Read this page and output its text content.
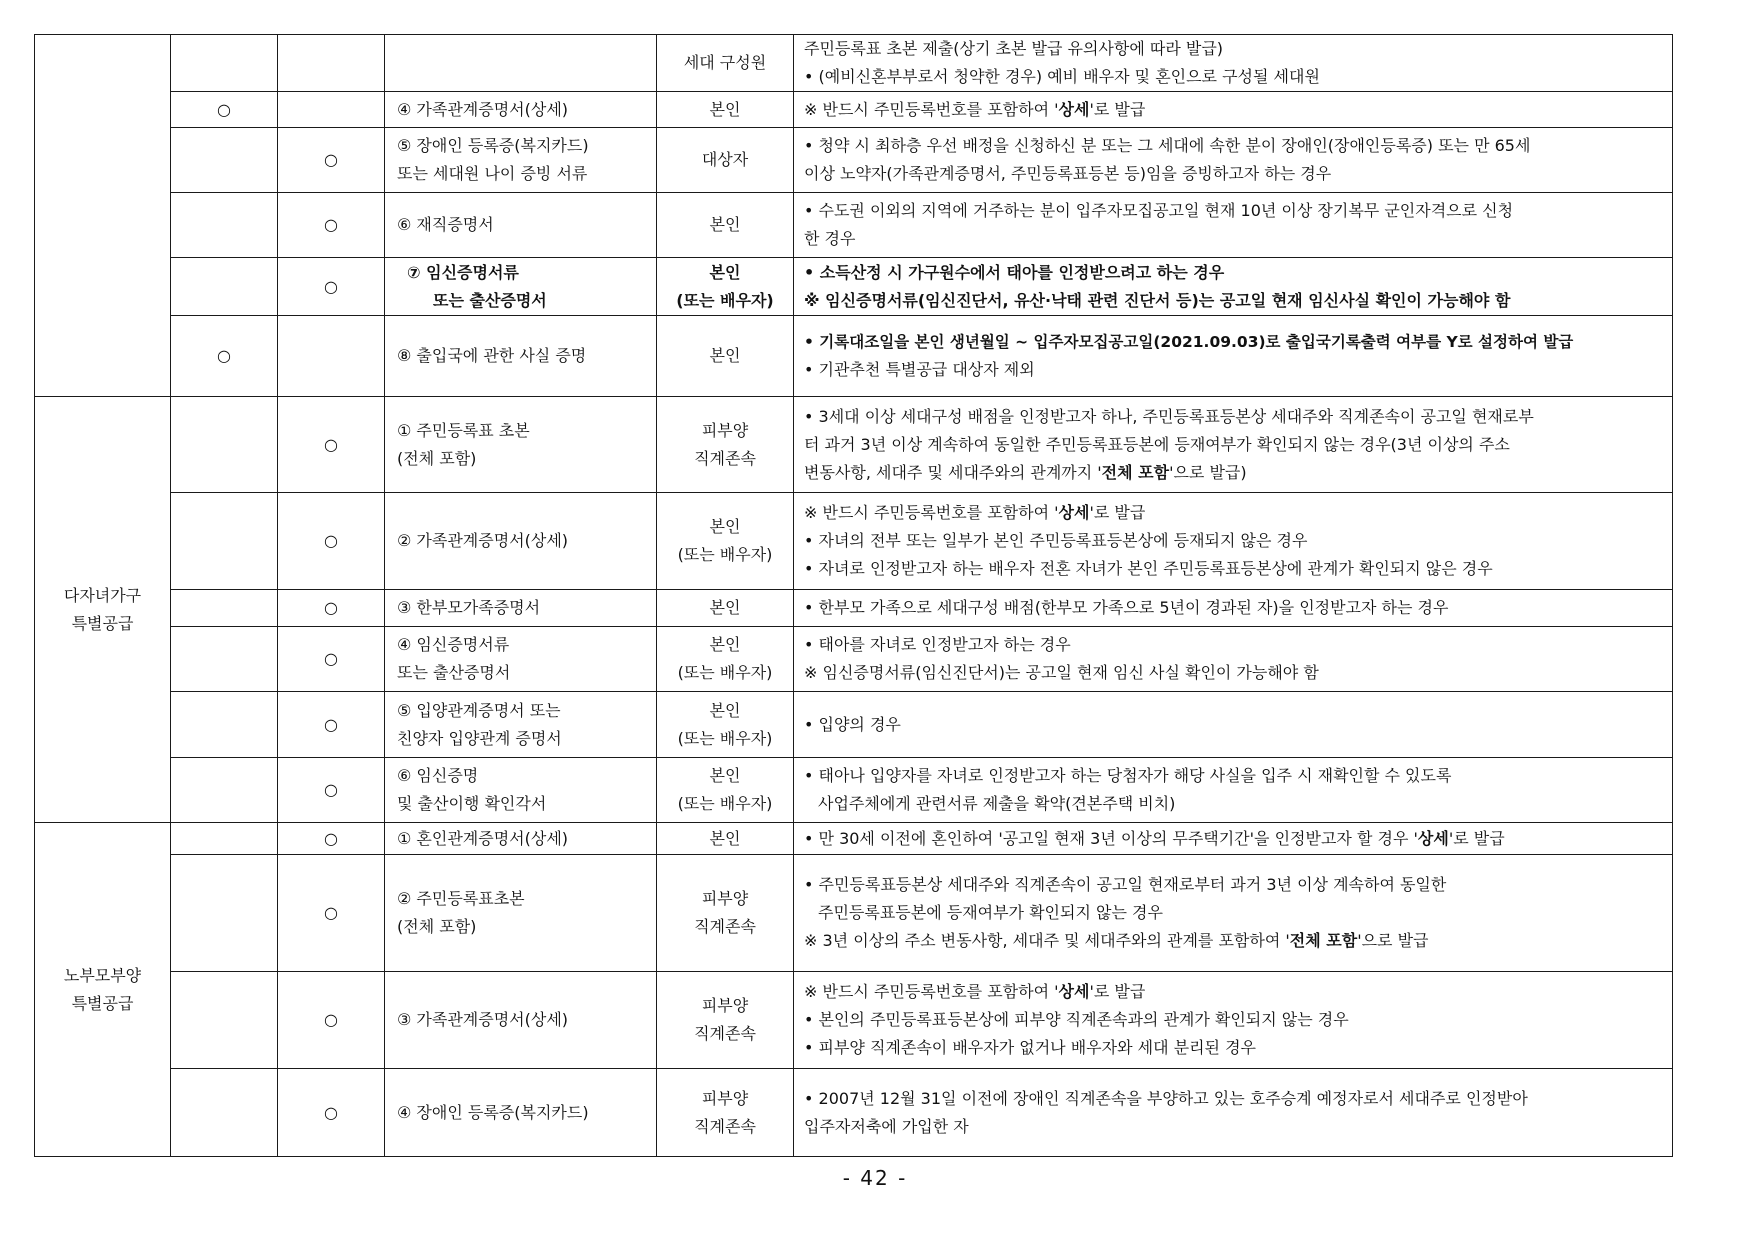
				세대 구성원	주민등록표 초본 제출(상기 초본 발급 유의사항에 따라 발급)
• (예비신혼부부로서 청약한 경우) 예비 배우자 및 혼인으로 구성될 세대원

	○		④ 가족관계증명서(상세)	본인	※ 반드시 주민등록번호를 포함하여 '상세'로 발급

		○	⑤ 장애인 등록증(복지카드)
또는 세대원 나이 증빙 서류	대상자	• 청약 시 최하층 우선 배정을 신청하신 분 또는 그 세대에 속한 분이 장애인(장애인등록증) 또는 만 65세
이상 노약자(가족관계증명서, 주민등록표등본 등)임을 증빙하고자 하는 경우

		○	⑥ 재직증명서	본인	• 수도권 이외의 지역에 거주하는 분이 입주자모집공고일 현재 10년 이상 장기복무 군인자격으로 신청
한 경우

		○	⑦ 임신증명서류
또는 출산증명서	본인
(또는 배우자)	• 소득산정 시 가구원수에서 태아를 인정받으려고 하는 경우
※ 임신증명서류(임신진단서, 유산·낙태 관련 진단서 등)는 공고일 현재 임신사실 확인이 가능해야 함

	○		⑧ 출입국에 관한 사실 증명	본인	• 기록대조일을 본인 생년월일 ~ 입주자모집공고일(2021.09.03)로 출입국기록출력 여부를 Y로 설정하여 발급
• 기관추천 특별공급 대상자 제외

다자녀가구
특별공급		○	① 주민등록표 초본
(전체 포함)	피부양
직계존속	• 3세대 이상 세대구성 배점을 인정받고자 하나, 주민등록표등본상 세대주와 직계존속이 공고일 현재로부
터 과거 3년 이상 계속하여 동일한 주민등록표등본에 등재여부가 확인되지 않는 경우(3년 이상의 주소
변동사항, 세대주 및 세대주와의 관계까지 '전체 포함'으로 발급)

		○	② 가족관계증명서(상세)	본인
(또는 배우자)	※ 반드시 주민등록번호를 포함하여 '상세'로 발급
• 자녀의 전부 또는 일부가 본인 주민등록표등본상에 등재되지 않은 경우
• 자녀로 인정받고자 하는 배우자 전혼 자녀가 본인 주민등록표등본상에 관계가 확인되지 않은 경우

		○	③ 한부모가족증명서	본인	• 한부모 가족으로 세대구성 배점(한부모 가족으로 5년이 경과된 자)을 인정받고자 하는 경우

		○	④ 임신증명서류
또는 출산증명서	본인
(또는 배우자)	• 태아를 자녀로 인정받고자 하는 경우
※ 임신증명서류(임신진단서)는 공고일 현재 임신 사실 확인이 가능해야 함

		○	⑤ 입양관계증명서 또는
친양자 입양관계 증명서	본인
(또는 배우자)	• 입양의 경우

		○	⑥ 임신증명
및 출산이행 확인각서	본인
(또는 배우자)	• 태아나 입양자를 자녀로 인정받고자 하는 당첨자가 해당 사실을 입주 시 재확인할 수 있도록
사업주체에게 관련서류 제출을 확약(견본주택 비치)

노부모부양
특별공급		○	① 혼인관계증명서(상세)	본인	• 만 30세 이전에 혼인하여 '공고일 현재 3년 이상의 무주택기간'을 인정받고자 할 경우 '상세'로 발급

		○	② 주민등록표초본
(전체 포함)	피부양
직계존속	• 주민등록표등본상 세대주와 직계존속이 공고일 현재로부터 과거 3년 이상 계속하여 동일한
주민등록표등본에 등재여부가 확인되지 않는 경우
※ 3년 이상의 주소 변동사항, 세대주 및 세대주와의 관계를 포함하여 '전체 포함'으로 발급

		○	③ 가족관계증명서(상세)	피부양
직계존속	※ 반드시 주민등록번호를 포함하여 '상세'로 발급
• 본인의 주민등록표등본상에 피부양 직계존속과의 관계가 확인되지 않는 경우
• 피부양 직계존속이 배우자가 없거나 배우자와 세대 분리된 경우

		○	④ 장애인 등록증(복지카드)	피부양
직계존속	• 2007년 12월 31일 이전에 장애인 직계존속을 부양하고 있는 호주승계 예정자로서 세대주로 인정받아
입주자저축에 가입한 자
- 42 -
